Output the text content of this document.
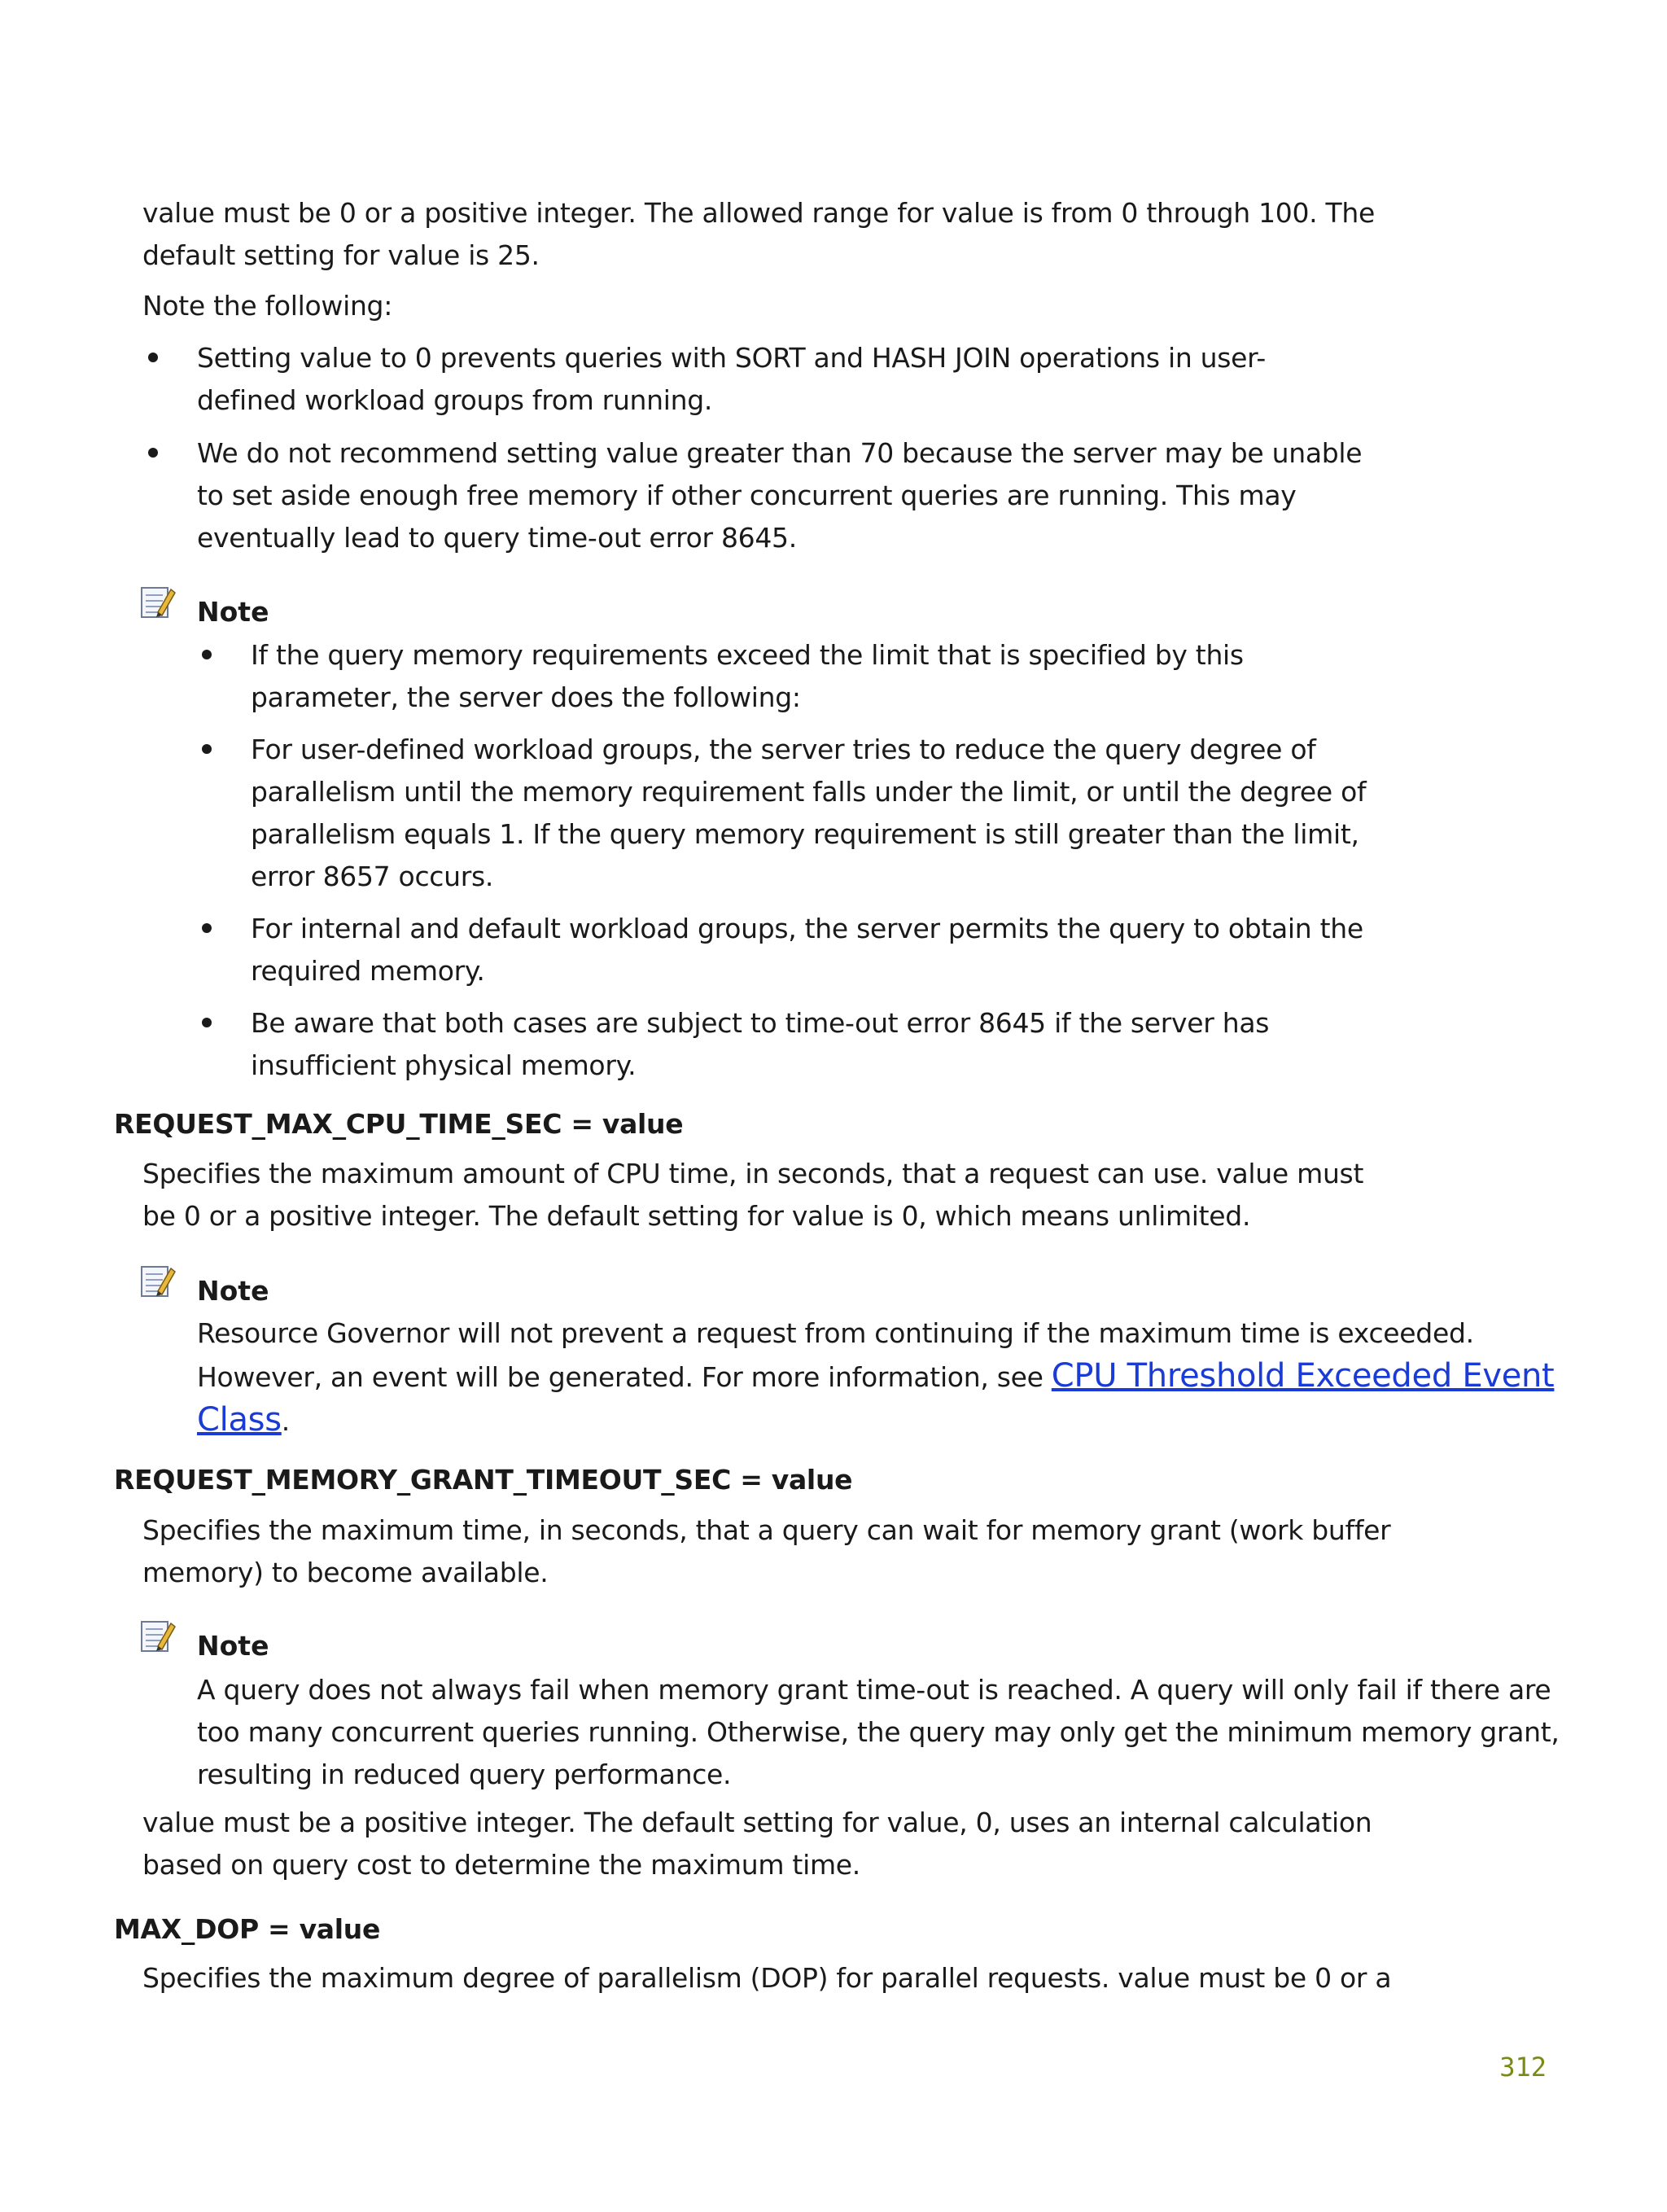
value must be 0 or a positive integer. The allowed range for value is from 0 through 100. The
default setting for value is 25.

Note the following:

Setting value to 0 prevents queries with SORT and HASH JOIN operations in user-
defined workload groups from running.

We do not recommend setting value greater than 70 because the server may be unable
to set aside enough free memory if other concurrent queries are running. This may
eventually lead to query time-out error 8645.

Note

If the query memory requirements exceed the limit that is specified by this
parameter, the server does the following:

For user-defined workload groups, the server tries to reduce the query degree of
parallelism until the memory requirement falls under the limit, or until the degree of
parallelism equals 1. If the query memory requirement is still greater than the limit,
error 8657 occurs.

For internal and default workload groups, the server permits the query to obtain the
required memory.

Be aware that both cases are subject to time-out error 8645 if the server has
insufficient physical memory.

REQUEST_MAX_CPU_TIME_SEC = value

Specifies the maximum amount of CPU time, in seconds, that a request can use. value must
be 0 or a positive integer. The default setting for value is 0, which means unlimited.

Note

Resource Governor will not prevent a request from continuing if the maximum time is exceeded.
However, an event will be generated. For more information, see CPU Threshold Exceeded Event
Class.

REQUEST_MEMORY_GRANT_TIMEOUT_SEC = value

Specifies the maximum time, in seconds, that a query can wait for memory grant (work buffer
memory) to become available.

Note

A query does not always fail when memory grant time-out is reached. A query will only fail if there are
too many concurrent queries running. Otherwise, the query may only get the minimum memory grant,
resulting in reduced query performance.

value must be a positive integer. The default setting for value, 0, uses an internal calculation
based on query cost to determine the maximum time.

MAX_DOP = value

Specifies the maximum degree of parallelism (DOP) for parallel requests. value must be 0 or a

312
